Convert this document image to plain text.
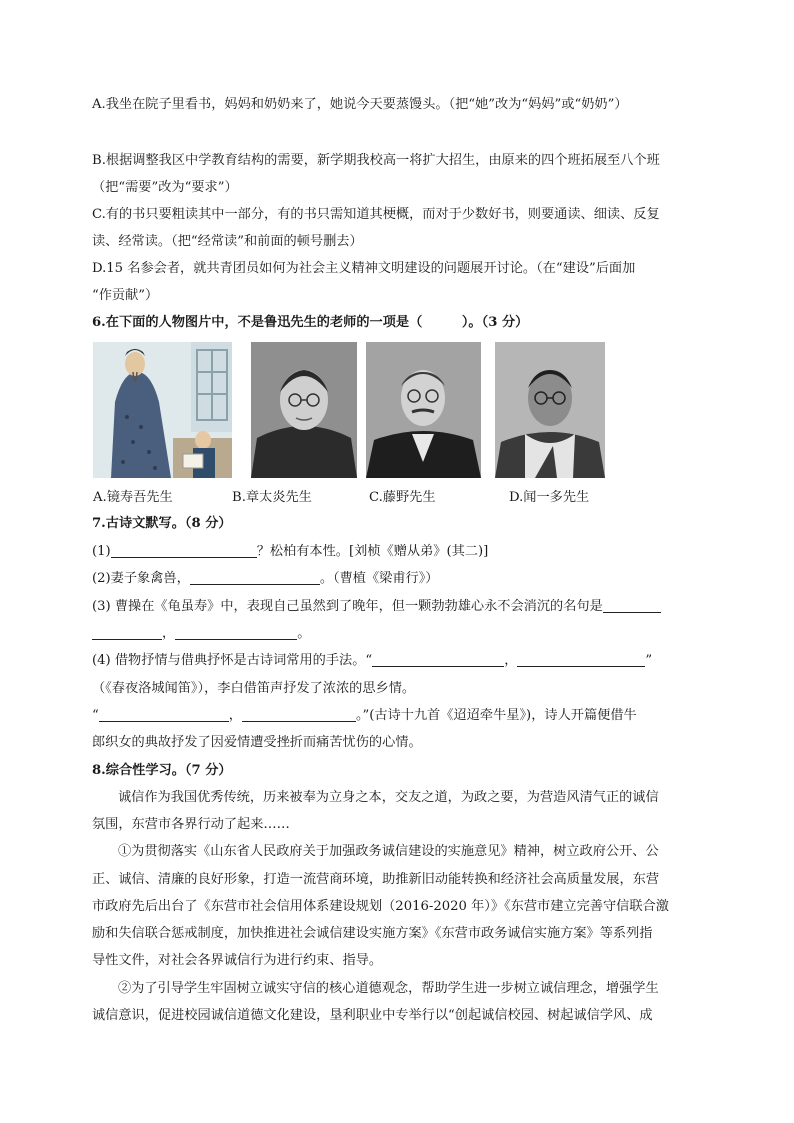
A.我坐在院子里看书，妈妈和奶奶来了，她说今天要蒸馒头。（把“她”改为“妈妈”或“奶奶”）
B.根据调整我区中学教育结构的需要，新学期我校高一将扩大招生，由原来的四个班拓展至八个班
（把“需要”改为“要求”）
C.有的书只要粗读其中一部分，有的书只需知道其梗概，而对于少数好书，则要通读、细读、反复
读、经常读。（把“经常读”和前面的顿号删去）
D.15 名参会者，就共青团员如何为社会主义精神文明建设的问题展开讨论。（在“建设”后面加
“作贡献”）
6.在下面的人物图片中，不是鲁迅先生的老师的一项是（　　　）。（3 分）
A.镜寿吾先生	B.章太炎先生	C.藤野先生	D.闻一多先生
7.古诗文默写。（8 分）
(1)	？松柏有本性。[刘桢《赠从弟》(其二)]
(2)妻子象禽兽，	。（曹植《梁甫行》）
(3) 曹操在《龟虽寿》中，表现自己虽然到了晚年，但一颗勃勃雄心永不会消沉的名句是
，	。
(4) 借物抒情与借典抒怀是古诗词常用的手法。“	，	”
（《春夜洛城闻笛》），李白借笛声抒发了浓浓的思乡情。
“	，	。”(古诗十九首《迢迢牵牛星》)，诗人开篇便借牛
郎织女的典故抒发了因爱情遭受挫折而痛苦忧伤的心情。
8.综合性学习。（7 分）
诚信作为我国优秀传统，历来被奉为立身之本，交友之道，为政之要，为营造风清气正的诚信
氛围，东营市各界行动了起来……
①为贯彻落实《山东省人民政府关于加强政务诚信建设的实施意见》精神，树立政府公开、公
正、诚信、清廉的良好形象，打造一流营商环境，助推新旧动能转换和经济社会高质量发展，东营
市政府先后出台了《东营市社会信用体系建设规划（2016-2020 年）》《东营市建立完善守信联合激
励和失信联合惩戒制度，加快推进社会诚信建设实施方案》《东营市政务诚信实施方案》等系列指
导性文件，对社会各界诚信行为进行约束、指导。
②为了引导学生牢固树立诚实守信的核心道德观念，帮助学生进一步树立诚信理念，增强学生
诚信意识，促进校园诚信道德文化建设，垦利职业中专举行以“创起诚信校园、树起诚信学风、成
